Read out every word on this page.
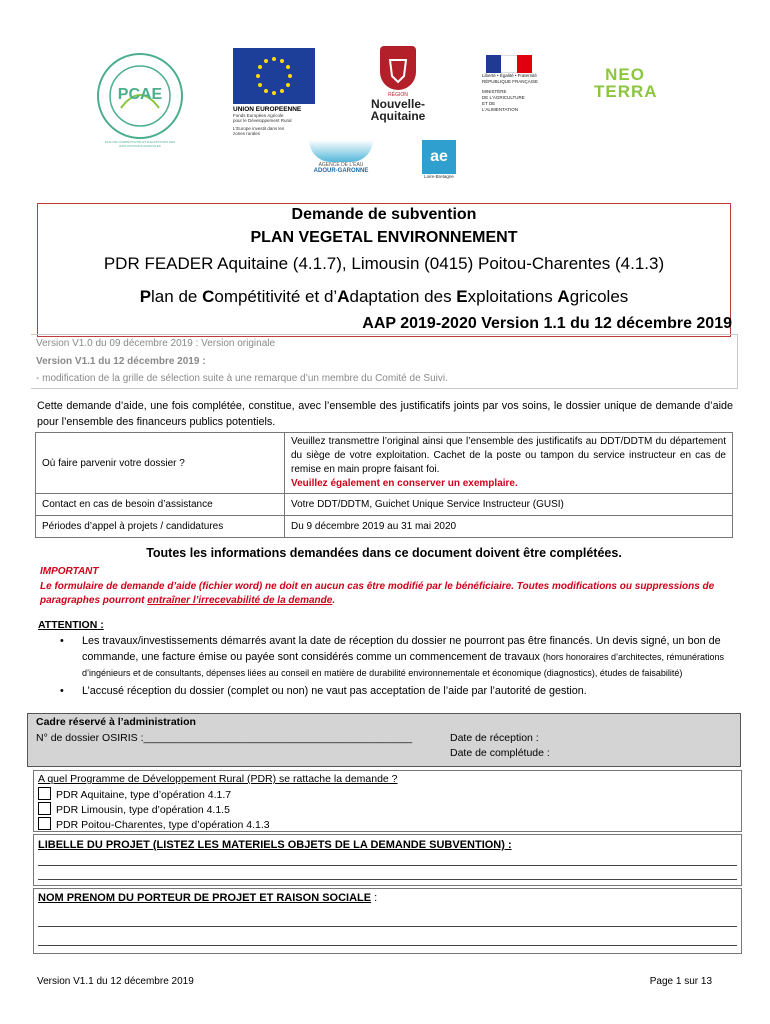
PCAE
PLAN DE COMPÉTITIVITÉ ET D'ADAPTATION DES EXPLOITATIONS AGRICOLES
UNION EUROPEENNE
Fonds Européen Agricole
pour le Développement Rural
L'Europe investit dans les
zones rurales
RÉGION
Nouvelle-
Aquitaine
Liberté • Égalité • Fraternité
RÉPUBLIQUE FRANÇAISE
MINISTÈRE
DE L'AGRICULTURE
ET DE
L'ALIMENTATION
NEO
TERRA
AGENCE DE L'EAU
ADOUR-GARONNE
ae
Loire-Bretagne
Demande de subvention
PLAN VEGETAL ENVIRONNEMENT
PDR FEADER Aquitaine (4.1.7), Limousin (0415) Poitou-Charentes (4.1.3)
Plan de Compétitivité et d’Adaptation des Exploitations Agricoles
AAP 2019-2020 Version 1.1 du 12 décembre 2019
Version V1.0 du 09 décembre 2019 : Version originale
Version V1.1 du 12 décembre 2019 :
- modification de la grille de sélection suite à une remarque d’un membre du Comité de Suivi.
Cette demande d’aide, une fois complétée, constitue, avec l’ensemble des justificatifs joints par vos soins, le dossier unique de demande d’aide pour l’ensemble des financeurs publics potentiels.
Où faire parvenir votre dossier ?	Veuillez transmettre l’original ainsi que l’ensemble des justificatifs au DDT/DDTM du département du siège de votre exploitation. Cachet de la poste ou tampon du service instructeur en cas de remise en main propre faisant foi.
Veuillez également en conserver un exemplaire.
Contact en cas de besoin d’assistance	Votre DDT/DDTM, Guichet Unique Service Instructeur (GUSI)
Périodes d’appel à projets / candidatures	Du 9 décembre 2019 au 31 mai 2020
Toutes les informations demandées dans ce document doivent être complétées.
IMPORTANT
Le formulaire de demande d’aide (fichier word) ne doit en aucun cas être modifié par le bénéficiaire. Toutes modifications ou suppressions de paragraphes pourront entraîner l’irrecevabilité de la demande.
ATTENTION :
• Les travaux/investissements démarrés avant la date de réception du dossier ne pourront pas être financés. Un devis signé, un bon de commande, une facture émise ou payée sont considérés comme un commencement de travaux (hors honoraires d’architectes, rémunérations d’ingénieurs et de consultants, dépenses liées au conseil en matière de durabilité environnementale et économique (diagnostics), études de faisabilité)
• L’accusé réception du dossier (complet ou non) ne vaut pas acceptation de l’aide par l’autorité de gestion.
Cadre réservé à l’administration
N° de dossier OSIRIS :______________________________________________	Date de réception :
Date de complétude :
A quel Programme de Développement Rural (PDR) se rattache la demande ?
PDR Aquitaine, type d’opération 4.1.7
PDR Limousin, type d’opération 4.1.5
PDR Poitou-Charentes, type d’opération 4.1.3
LIBELLE DU PROJET (LISTEZ LES MATERIELS OBJETS DE LA DEMANDE SUBVENTION) :
NOM PRENOM DU PORTEUR DE PROJET ET RAISON SOCIALE :
Version V1.1 du 12 décembre 2019	Page 1 sur 13
